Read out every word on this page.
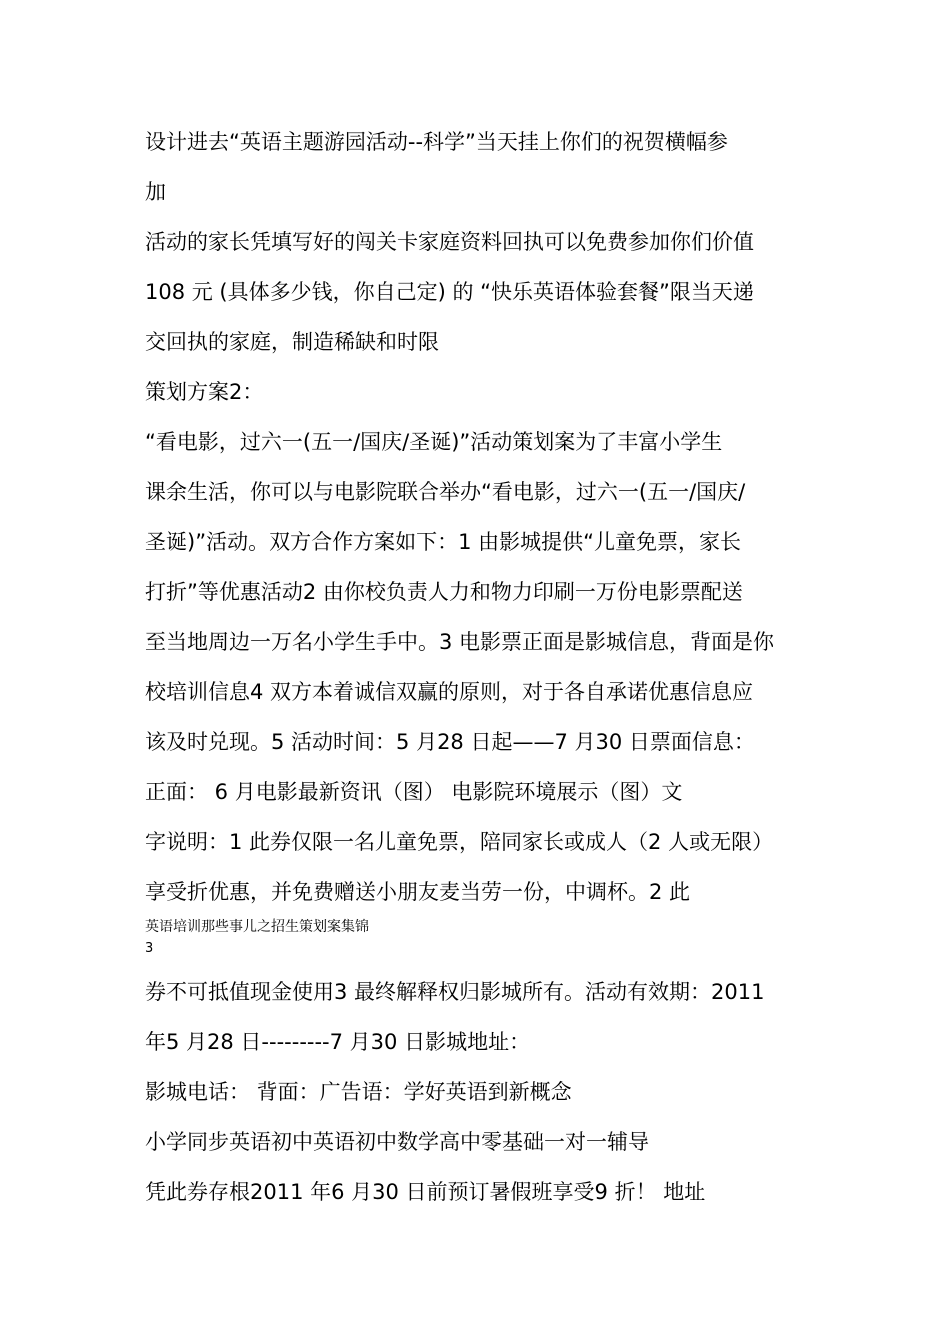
设计进去“英语主题游园活动--科学”当天挂上你们的祝贺横幅参
加
活动的家长凭填写好的闯关卡家庭资料回执可以免费参加你们价值
108 元 (具体多少钱，你自己定) 的 “快乐英语体验套餐”限当天递
交回执的家庭，制造稀缺和时限
策划方案2：
“看电影，过六一(五一/国庆/圣诞)”活动策划案为了丰富小学生
课余生活，你可以与电影院联合举办“看电影，过六一(五一/国庆/
圣诞)”活动。双方合作方案如下：1 由影城提供“儿童免票，家长
打折”等优惠活动2 由你校负责人力和物力印刷一万份电影票配送
至当地周边一万名小学生手中。3 电影票正面是影城信息，背面是你
校培训信息4 双方本着诚信双赢的原则，对于各自承诺优惠信息应
该及时兑现。5 活动时间：5 月28 日起——7 月30 日票面信息：
正面： 6 月电影最新资讯（图） 电影院环境展示（图）文
字说明：1 此券仅限一名儿童免票，陪同家长或成人（2 人或无限）
享受折优惠，并免费赠送小朋友麦当劳一份，中调杯。2 此
英语培训那些事儿之招生策划案集锦
3
券不可抵值现金使用3 最终解释权归影城所有。活动有效期：2011
年5 月28 日---------7 月30 日影城地址：
影城电话： 背面：广告语：学好英语到新概念
小学同步英语初中英语初中数学高中零基础一对一辅导
凭此券存根2011 年6 月30 日前预订暑假班享受9 折！ 地址
